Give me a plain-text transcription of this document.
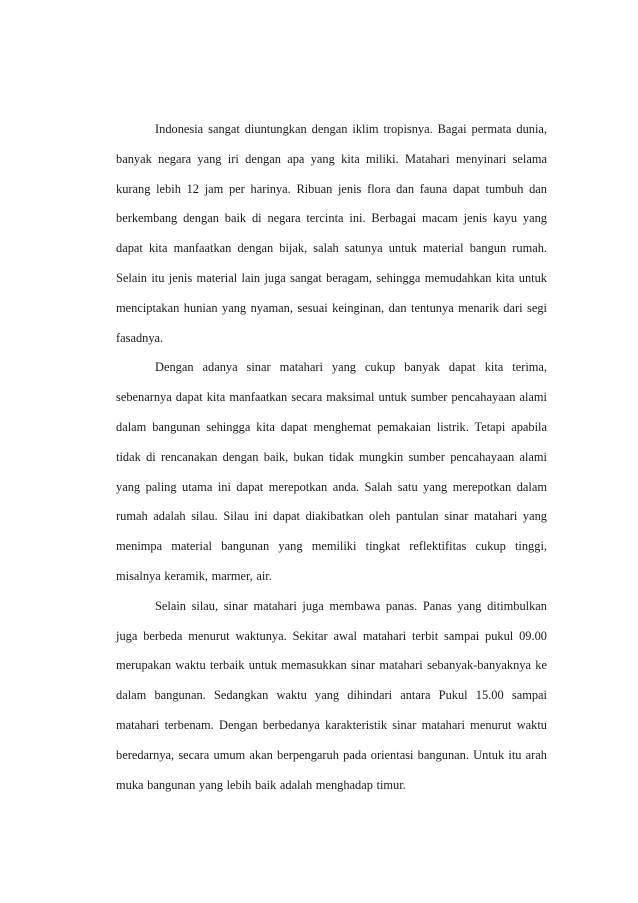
Indonesia sangat diuntungkan dengan iklim tropisnya. Bagai permata dunia, banyak negara yang iri dengan apa yang kita miliki. Matahari menyinari selama kurang lebih 12 jam per harinya. Ribuan jenis flora dan fauna dapat tumbuh dan berkembang dengan baik di negara tercinta ini. Berbagai macam jenis kayu yang dapat kita manfaatkan dengan bijak, salah satunya untuk material bangun rumah. Selain itu jenis material lain juga sangat beragam, sehingga memudahkan kita untuk menciptakan hunian yang nyaman, sesuai keinginan, dan tentunya menarik dari segi fasadnya.

Dengan adanya sinar matahari yang cukup banyak dapat kita terima, sebenarnya dapat kita manfaatkan secara maksimal untuk sumber pencahayaan alami dalam bangunan sehingga kita dapat menghemat pemakaian listrik. Tetapi apabila tidak di rencanakan dengan baik, bukan tidak mungkin sumber pencahayaan alami yang paling utama ini dapat merepotkan anda. Salah satu yang merepotkan dalam rumah adalah silau. Silau ini dapat diakibatkan oleh pantulan sinar matahari yang menimpa material bangunan yang memiliki tingkat reflektifitas cukup tinggi, misalnya keramik, marmer, air.

Selain silau, sinar matahari juga membawa panas. Panas yang ditimbulkan juga berbeda menurut waktunya. Sekitar awal matahari terbit sampai pukul 09.00 merupakan waktu terbaik untuk memasukkan sinar matahari sebanyak-banyaknya ke dalam bangunan. Sedangkan waktu yang dihindari antara Pukul 15.00 sampai matahari terbenam. Dengan berbedanya karakteristik sinar matahari menurut waktu beredarnya, secara umum akan berpengaruh pada orientasi bangunan. Untuk itu arah muka bangunan yang lebih baik adalah menghadap timur.
